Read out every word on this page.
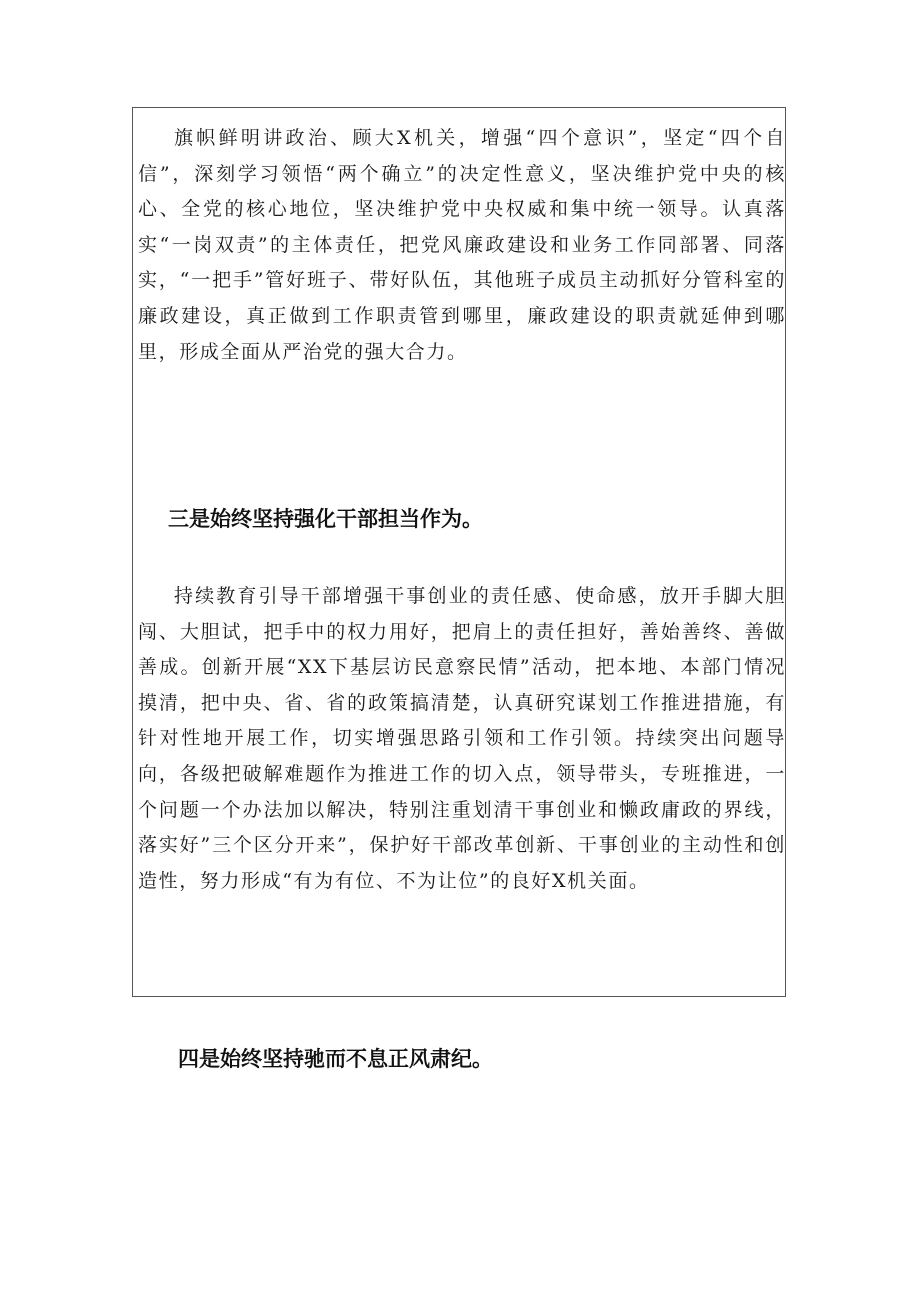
旗帜鲜明讲政治、顾大X机关，增强“四个意识”，坚定“四个自信”，深刻学习领悟“两个确立”的决定性意义，坚决维护党中央的核心、全党的核心地位，坚决维护党中央权威和集中统一领导。认真落实“一岗双责”的主体责任，把党风廉政建设和业务工作同部署、同落实，“一把手”管好班子、带好队伍，其他班子成员主动抓好分管科室的廉政建设，真正做到工作职责管到哪里，廉政建设的职责就延伸到哪里，形成全面从严治党的强大合力。

三是始终坚持强化干部担当作为。

持续教育引导干部增强干事创业的责任感、使命感，放开手脚大胆闯、大胆试，把手中的权力用好，把肩上的责任担好，善始善终、善做善成。创新开展“XX下基层访民意察民情”活动，把本地、本部门情况摸清，把中央、省、省的政策搞清楚，认真研究谋划工作推进措施，有针对性地开展工作，切实增强思路引领和工作引领。持续突出问题导向，各级把破解难题作为推进工作的切入点，领导带头，专班推进，一个问题一个办法加以解决，特别注重划清干事创业和懒政庸政的界线，落实好”三个区分开来”，保护好干部改革创新、干事创业的主动性和创造性，努力形成“有为有位、不为让位”的良好X机关面。

四是始终坚持驰而不息正风肃纪。
